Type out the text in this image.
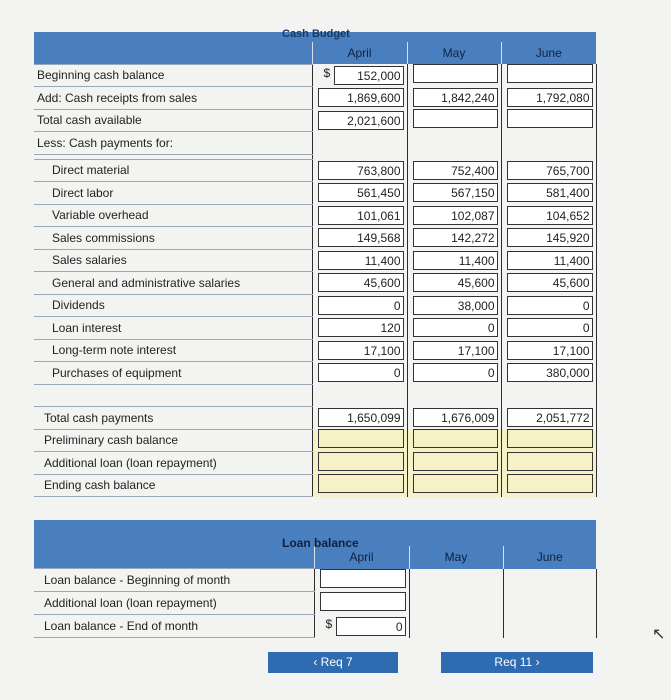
Cash Budget
	April	May	June
Beginning cash balance	$ 152,000		

Add: Cash receipts from sales	1,869,600	1,842,240	1,792,080
Total cash available	2,021,600		
Less: Cash payments for:			

Direct material	763,800	752,400	765,700
Direct labor	561,450	567,150	581,400
Variable overhead	101,061	102,087	104,652
Sales commissions	149,568	142,272	145,920
Sales salaries	11,400	11,400	11,400
General and administrative salaries	45,600	45,600	45,600
Dividends	0	38,000	0
Loan interest	120	0	0
Long-term note interest	17,100	17,100	17,100
Purchases of equipment	0	0	380,000

Total cash payments	1,650,099	1,676,009	2,051,772
Preliminary cash balance			
Additional loan (loan repayment)			
Ending cash balance			
Loan balance
	April	May	June
Loan balance - Beginning of month			
Additional loan (loan repayment)			
Loan balance - End of month	$ 0		

‹ Req 7	Req 11 ›
↖
